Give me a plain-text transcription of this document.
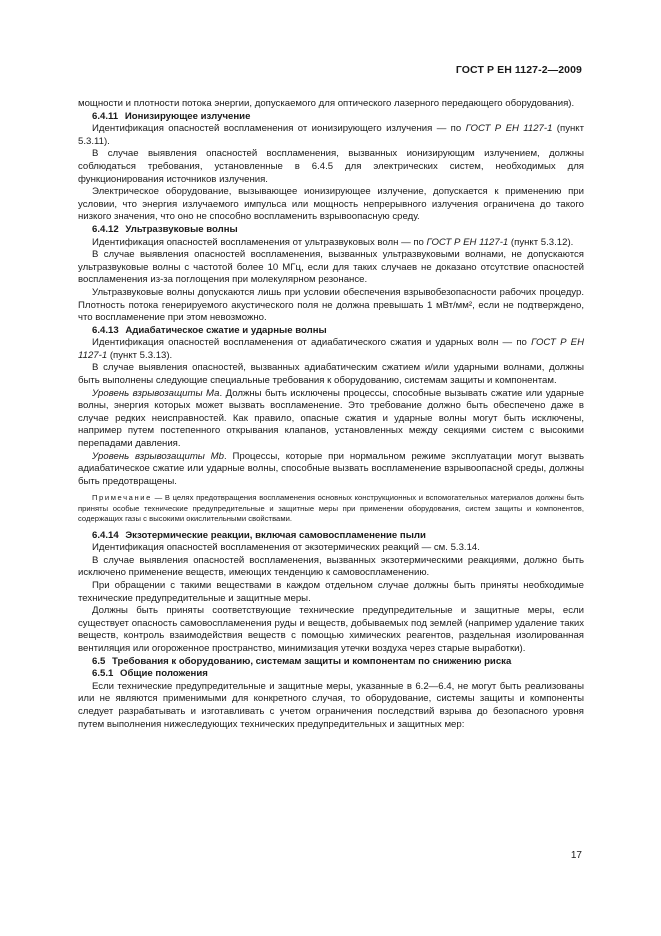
ГОСТ Р ЕН 1127-2—2009

мощности и плотности потока энергии, допускаемого для оптического лазерного передающего оборудования).

6.4.11 Ионизирующее излучение

Идентификация опасностей воспламенения от ионизирующего излучения — по ГОСТ Р ЕН 1127-1 (пункт 5.3.11).

В случае выявления опасностей воспламенения, вызванных ионизирующим излучением, должны соблюдаться требования, установленные в 6.4.5 для электрических систем, необходимых для функционирования источников излучения.

Электрическое оборудование, вызывающее ионизирующее излучение, допускается к применению при условии, что энергия излучаемого импульса или мощность непрерывного излучения ограничена до такого низкого значения, что оно не способно воспламенить взрывоопасную среду.

6.4.12 Ультразвуковые волны

Идентификация опасностей воспламенения от ультразвуковых волн — по ГОСТ Р ЕН 1127-1 (пункт 5.3.12).

В случае выявления опасностей воспламенения, вызванных ультразвуковыми волнами, не допускаются ультразвуковые волны с частотой более 10 МГц, если для таких случаев не доказано отсутствие опасностей воспламенения из-за поглощения при молекулярном резонансе.

Ультразвуковые волны допускаются лишь при условии обеспечения взрывобезопасности рабочих процедур. Плотность потока генерируемого акустического поля не должна превышать 1 мВт/мм², если не подтверждено, что воспламенение при этом невозможно.

6.4.13 Адиабатическое сжатие и ударные волны

Идентификация опасностей воспламенения от адиабатического сжатия и ударных волн — по ГОСТ Р ЕН 1127-1 (пункт 5.3.13).

В случае выявления опасностей, вызванных адиабатическим сжатием и/или ударными волнами, должны быть выполнены следующие специальные требования к оборудованию, системам защиты и компонентам.

Уровень взрывозащиты Ма. Должны быть исключены процессы, способные вызывать сжатие или ударные волны, энергия которых может вызвать воспламенение. Это требование должно быть обеспечено даже в случае редких неисправностей. Как правило, опасные сжатия и ударные волны могут быть исключены, например путем постепенного открывания клапанов, установленных между секциями систем с высокими перепадами давления.

Уровень взрывозащиты Mb. Процессы, которые при нормальном режиме эксплуатации могут вызвать адиабатическое сжатие или ударные волны, способные вызвать воспламенение взрывоопасной среды, должны быть предотвращены.

Примечание — В целях предотвращения воспламенения основных конструкционных и вспомогательных материалов должны быть приняты особые технические предупредительные и защитные меры при применении оборудования, систем защиты и компонентов, содержащих газы с высокими окислительными свойствами.

6.4.14 Экзотермические реакции, включая самовоспламенение пыли

Идентификация опасностей воспламенения от экзотермических реакций — см. 5.3.14.

В случае выявления опасностей воспламенения, вызванных экзотермическими реакциями, должно быть исключено применение веществ, имеющих тенденцию к самовоспламенению.

При обращении с такими веществами в каждом отдельном случае должны быть приняты необходимые технические предупредительные и защитные меры.

Должны быть приняты соответствующие технические предупредительные и защитные меры, если существует опасность самовоспламенения руды и веществ, добываемых под землей (например удаление таких веществ, контроль взаимодействия веществ с помощью химических реагентов, раздельная изолированная вентиляция или огороженное пространство, минимизация утечки воздуха через старые выработки).

6.5 Требования к оборудованию, системам защиты и компонентам по снижению риска

6.5.1 Общие положения

Если технические предупредительные и защитные меры, указанные в 6.2—6.4, не могут быть реализованы или не являются применимыми для конкретного случая, то оборудование, системы защиты и компоненты следует разрабатывать и изготавливать с учетом ограничения последствий взрыва до безопасного уровня путем выполнения нижеследующих технических предупредительных и защитных мер:

17
